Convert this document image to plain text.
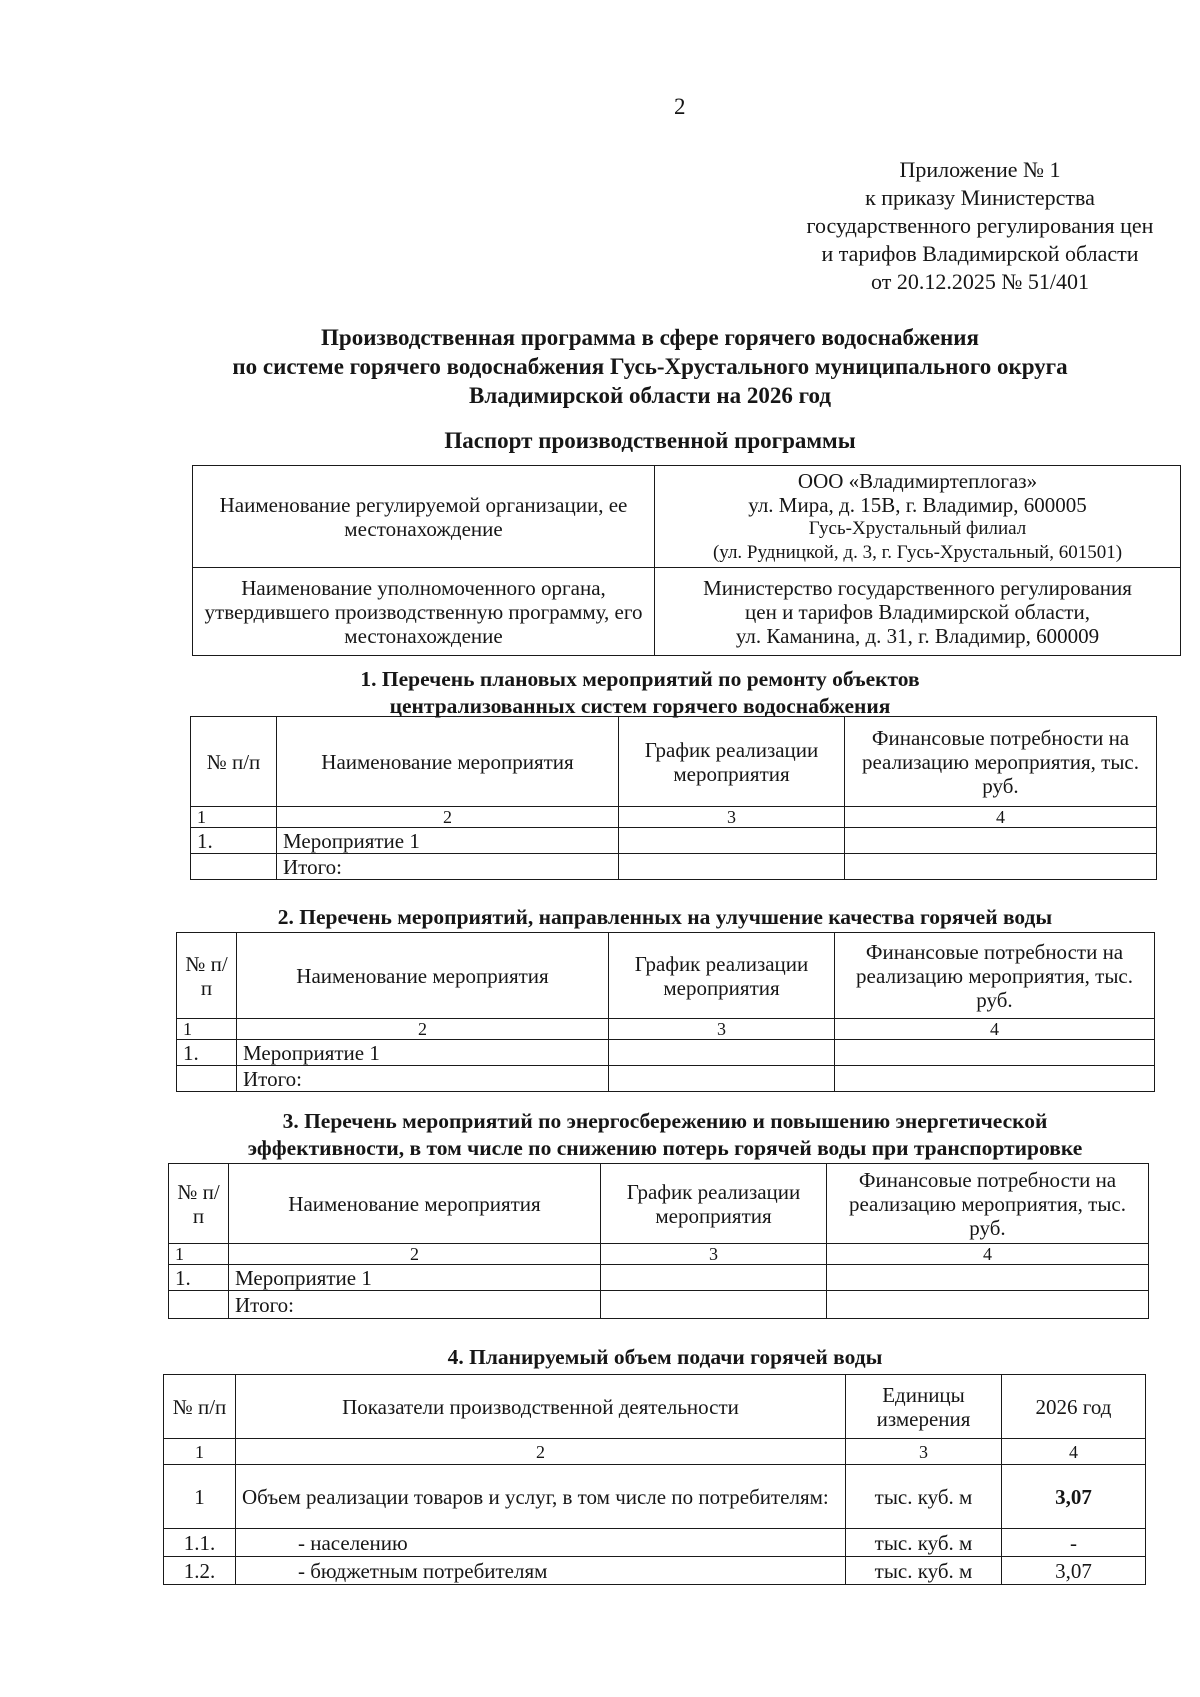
2
Приложение № 1
к приказу Министерства
государственного регулирования цен
и тарифов Владимирской области
от 20.12.2025 № 51/401
Производственная программа в сфере горячего водоснабжения
по системе горячего водоснабжения Гусь-Хрустального муниципального округа
Владимирской области на 2026 год
Паспорт производственной программы
Наименование регулируемой организации, ее местонахождение	ООО «Владимиртеплогаз»
ул. Мира, д. 15В, г. Владимир, 600005
Гусь-Хрустальный филиал
(ул. Рудницкой, д. 3, г. Гусь-Хрустальный, 601501)

Наименование уполномоченного органа, утвердившего производственную программу, его местонахождение	Министерство государственного регулирования
цен и тарифов Владимирской области,
ул. Каманина, д. 31, г. Владимир, 600009
1. Перечень плановых мероприятий по ремонту объектов
централизованных систем горячего водоснабжения
№ п/п	Наименование мероприятия	График реализации мероприятия	Финансовые потребности на реализацию мероприятия, тыс. руб.
1	2	3	4
1.	Мероприятие 1		
	Итого:		
2. Перечень мероприятий, направленных на улучшение качества горячей воды
№ п/п	Наименование мероприятия	График реализации мероприятия	Финансовые потребности на реализацию мероприятия, тыс. руб.
1	2	3	4
1.	Мероприятие 1		
	Итого:		
3. Перечень мероприятий по энергосбережению и повышению энергетической
эффективности, в том числе по снижению потерь горячей воды при транспортировке
№ п/п	Наименование мероприятия	График реализации мероприятия	Финансовые потребности на реализацию мероприятия, тыс. руб.
1	2	3	4
1.	Мероприятие 1		
	Итого:		
4. Планируемый объем подачи горячей воды
№ п/п	Показатели производственной деятельности	Единицы измерения	2026 год
1	2	3	4
1	Объем реализации товаров и услуг, в том числе по потребителям:	тыс. куб. м	3,07
1.1.	- населению	тыс. куб. м	-
1.2.	- бюджетным потребителям	тыс. куб. м	3,07
